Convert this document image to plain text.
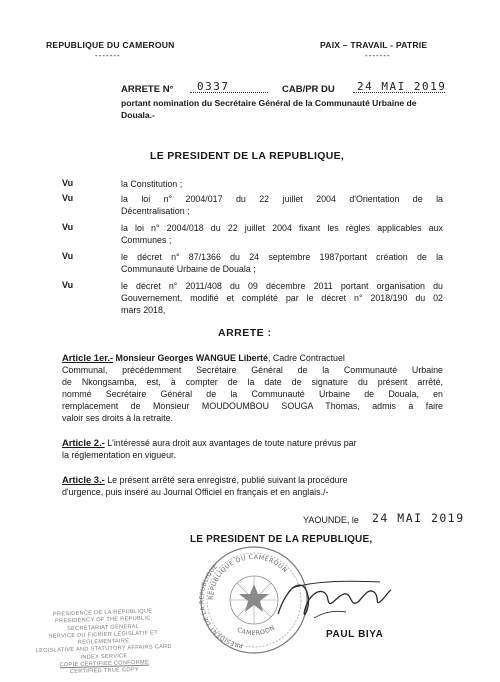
REPUBLIQUE DU CAMEROUN
-------
PAIX – TRAVAIL - PATRIE
-------
ARRETE N° 0337	CAB/PR DU 24 MAI 2019
portant nomination du Secrétaire Général de la Communauté Urbaine de
Douala.-
LE PRESIDENT DE LA REPUBLIQUE,
Vu	la Constitution ;
Vu	la loi n° 2004/017 du 22 juillet 2004 d'Orientation de la
Décentralisation ;
Vu	la loi n° 2004/018 du 22 juillet 2004 fixant les règles applicables aux
Communes ;
Vu	le décret n° 87/1366 du 24 septembre 1987portant création de la
Communauté Urbaine de Douala ;
Vu	le décret n° 2011/408 du 09 décembre 2011 portant organisation du
Gouvernement, modifié et complété par le décret n° 2018/190 du 02
mars 2018,
ARRETE :
Article 1er.- Monsieur Georges WANGUE Liberté, Cadre Contractuel
Communal, précédemment Secrétaire Général de la Communauté Urbaine
de Nkongsamba, est, à compter de la date de signature du présent arrêté,
nommé Secrétaire Général de la Communauté Urbaine de Douala, en
remplacement de Monsieur MOUDOUMBOU SOUGA Thomas, admis à faire
valoir ses droits à la retraite.
Article 2.- L'intéressé aura droit aux avantages de toute nature prévus par
la réglementation en vigueur.
Article 3.- Le présent arrêté sera enregistré, publié suivant la procédure
d'urgence, puis inséré au Journal Officiel en français et en anglais./-
YAOUNDE, le 24 MAI 2019
LE PRESIDENT DE LA REPUBLIQUE,
REPUBLIQUE DU CAMEROUN
PRESIDENT DE LA REPUBLIQUE
CAMEROON
PAUL BIYA
PRESIDENCE DE LA REPUBLIQUE
PRESIDENCY OF THE REPUBLIC
SECRETARIAT GENERAL
SERVICE DU FICHIER LEGISLATIF ET REGLEMENTAIRE
LEGISLATIVE AND STATUTORY AFFAIRS CARD INDEX SERVICE
COPIE CERTIFIEE CONFORME
CERTIFIED TRUE COPY
